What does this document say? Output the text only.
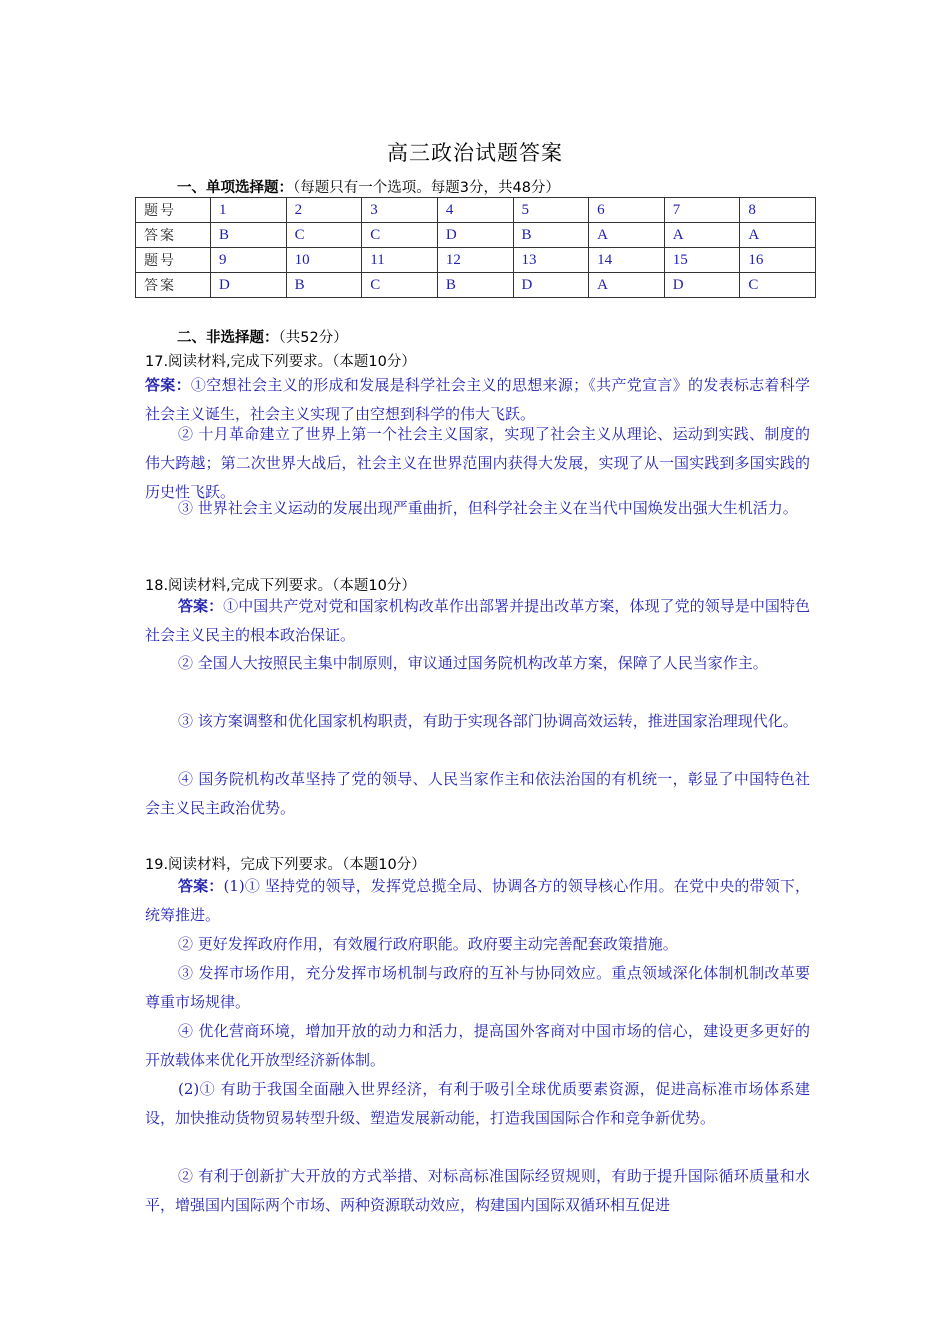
高三政治试题答案
一、单项选择题：（每题只有一个选项。每题3分，共48分）
题号	1	2	3	4	5	6	7	8
答案	B	C	C	D	B	A	A	A
题号	9	10	11	12	13	14	15	16
答案	D	B	C	B	D	A	D	C
二、非选择题：（共52分）
17.阅读材料,完成下列要求。（本题10分）
答案：①空想社会主义的形成和发展是科学社会主义的思想来源；《共产党宣言》的发表标志着科学社会主义诞生，社会主义实现了由空想到科学的伟大飞跃。
② 十月革命建立了世界上第一个社会主义国家，实现了社会主义从理论、运动到实践、制度的伟大跨越；第二次世界大战后，社会主义在世界范围内获得大发展，实现了从一国实践到多国实践的历史性飞跃。
③ 世界社会主义运动的发展出现严重曲折，但科学社会主义在当代中国焕发出强大生机活力。
18.阅读材料,完成下列要求。（本题10分）
答案：①中国共产党对党和国家机构改革作出部署并提出改革方案，体现了党的领导是中国特色社会主义民主的根本政治保证。
② 全国人大按照民主集中制原则，审议通过国务院机构改革方案，保障了人民当家作主。
③ 该方案调整和优化国家机构职责，有助于实现各部门协调高效运转，推进国家治理现代化。
④ 国务院机构改革坚持了党的领导、人民当家作主和依法治国的有机统一，彰显了中国特色社会主义民主政治优势。
19.阅读材料，完成下列要求。（本题10分）
答案：(1)① 坚持党的领导，发挥党总揽全局、协调各方的领导核心作用。在党中央的带领下，统筹推进。
② 更好发挥政府作用，有效履行政府职能。政府要主动完善配套政策措施。
③ 发挥市场作用，充分发挥市场机制与政府的互补与协同效应。重点领域深化体制机制改革要尊重市场规律。
④ 优化营商环境，增加开放的动力和活力，提高国外客商对中国市场的信心，建设更多更好的开放载体来优化开放型经济新体制。
(2)① 有助于我国全面融入世界经济，有利于吸引全球优质要素资源，促进高标准市场体系建设，加快推动货物贸易转型升级、塑造发展新动能，打造我国国际合作和竞争新优势。
② 有利于创新扩大开放的方式举措、对标高标准国际经贸规则，有助于提升国际循环质量和水平，增强国内国际两个市场、两种资源联动效应，构建国内国际双循环相互促进
